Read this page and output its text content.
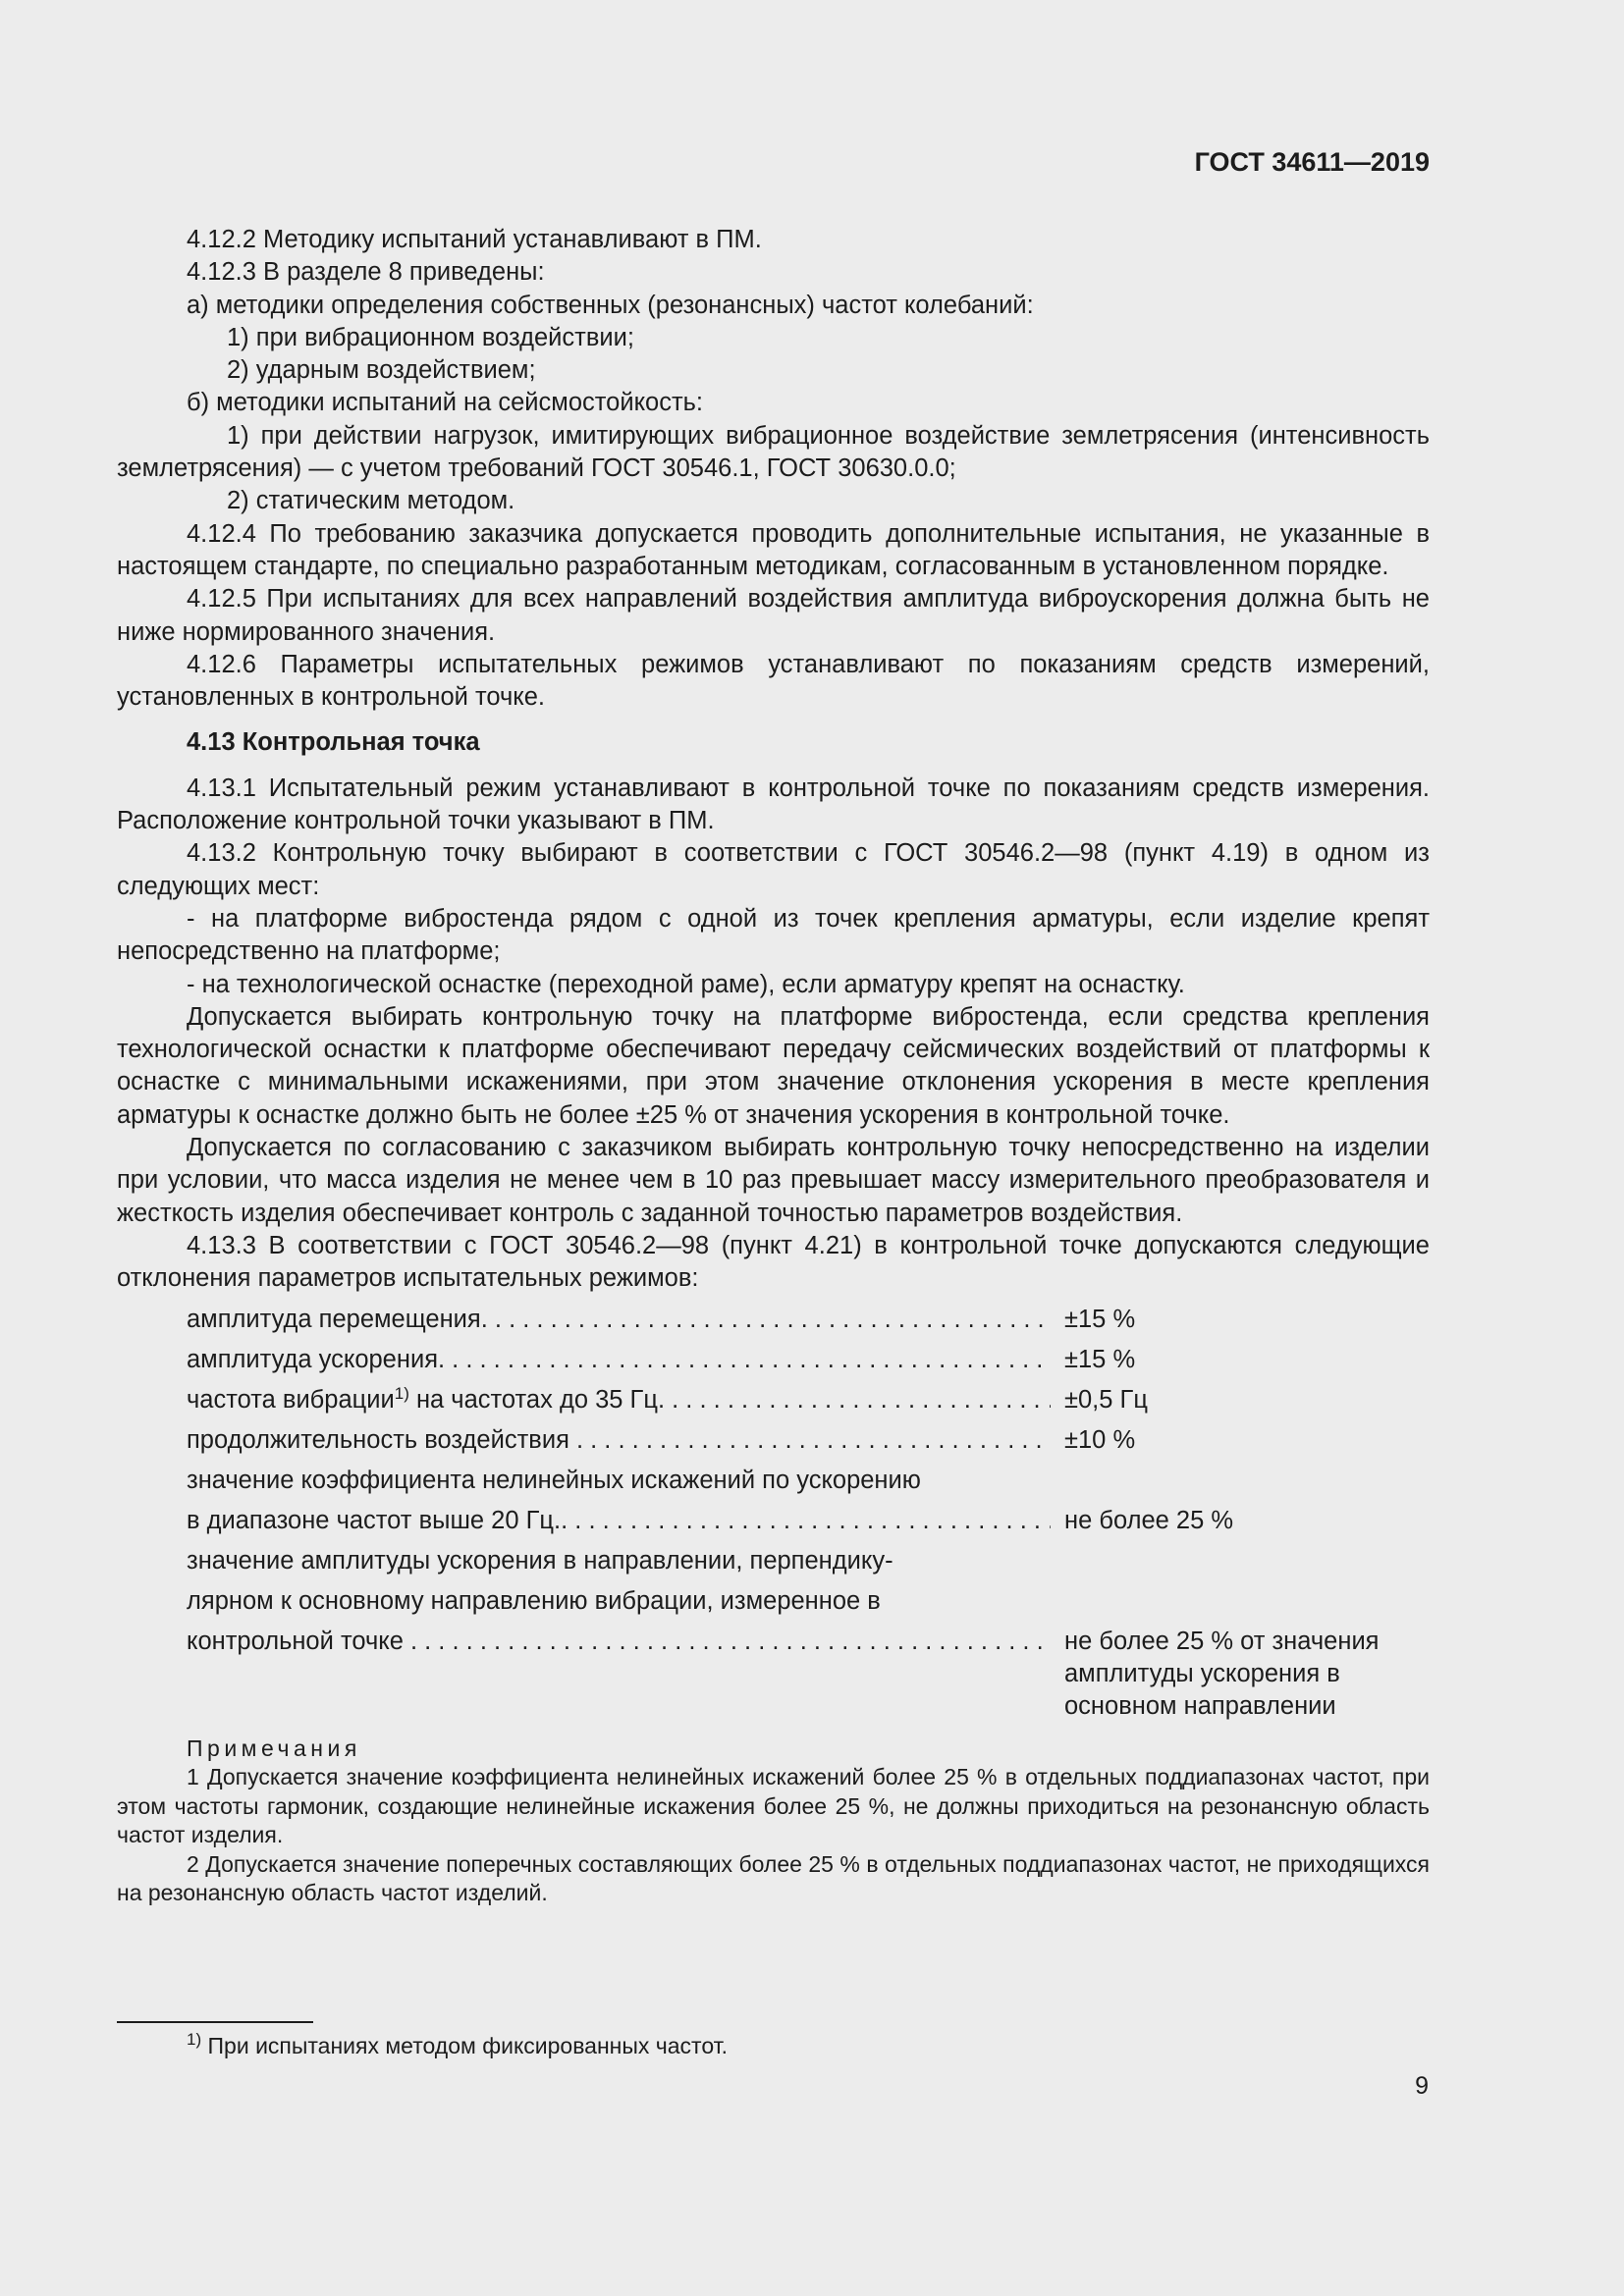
ГОСТ 34611—2019

4.12.2 Методику испытаний устанавливают в ПМ.

4.12.3 В разделе 8 приведены:

а) методики определения собственных (резонансных) частот колебаний:

1) при вибрационном воздействии;

2) ударным воздействием;

б) методики испытаний на сейсмостойкость:

1) при действии нагрузок, имитирующих вибрационное воздействие землетрясения (интенсивность землетрясения) — с учетом требований ГОСТ 30546.1, ГОСТ 30630.0.0;

2) статическим методом.

4.12.4 По требованию заказчика допускается проводить дополнительные испытания, не указанные в настоящем стандарте, по специально разработанным методикам, согласованным в установленном порядке.

4.12.5 При испытаниях для всех направлений воздействия амплитуда виброускорения должна быть не ниже нормированного значения.

4.12.6 Параметры испытательных режимов устанавливают по показаниям средств измерений, установленных в контрольной точке.

4.13 Контрольная точка

4.13.1 Испытательный режим устанавливают в контрольной точке по показаниям средств измерения. Расположение контрольной точки указывают в ПМ.

4.13.2 Контрольную точку выбирают в соответствии с ГОСТ 30546.2—98 (пункт 4.19) в одном из следующих мест:

- на платформе вибростенда рядом с одной из точек крепления арматуры, если изделие крепят непосредственно на платформе;

- на технологической оснастке (переходной раме), если арматуру крепят на оснастку.

Допускается выбирать контрольную точку на платформе вибростенда, если средства крепления технологической оснастки к платформе обеспечивают передачу сейсмических воздействий от платформы к оснастке с минимальными искажениями, при этом значение отклонения ускорения в месте крепления арматуры к оснастке должно быть не более ±25 % от значения ускорения в контрольной точке.

Допускается по согласованию с заказчиком выбирать контрольную точку непосредственно на изделии при условии, что масса изделия не менее чем в 10 раз превышает массу измерительного преобразователя и жесткость изделия обеспечивает контроль с заданной точностью параметров воздействия.

4.13.3 В соответствии с ГОСТ 30546.2—98 (пункт 4.21) в контрольной точке допускаются следующие отклонения параметров испытательных режимов:

амплитуда перемещения . . .	±15 %
амплитуда ускорения . . .	±15 %
частота вибрации$^{1)}$ на частотах до 35 Гц . . .	±0,5 Гц
продолжительность воздействия . . .	±10 %
значение коэффициента нелинейных искажений по ускорению
в диапазоне частот выше 20 Гц. . . .	не более 25 %
значение амплитуды ускорения в направлении, перпендику-
лярном к основному направлению вибрации, измеренное в
контрольной точке . . .	не более 25 % от значения амплитуды ускорения в основном направлении

Примечания

1 Допускается значение коэффициента нелинейных искажений более 25 % в отдельных поддиапазонах частот, при этом частоты гармоник, создающие нелинейные искажения более 25 %, не должны приходиться на резонансную область частот изделия.

2 Допускается значение поперечных составляющих более 25 % в отдельных поддиапазонах частот, не приходящихся на резонансную область частот изделий.

$^{1)}$ При испытаниях методом фиксированных частот.
9
